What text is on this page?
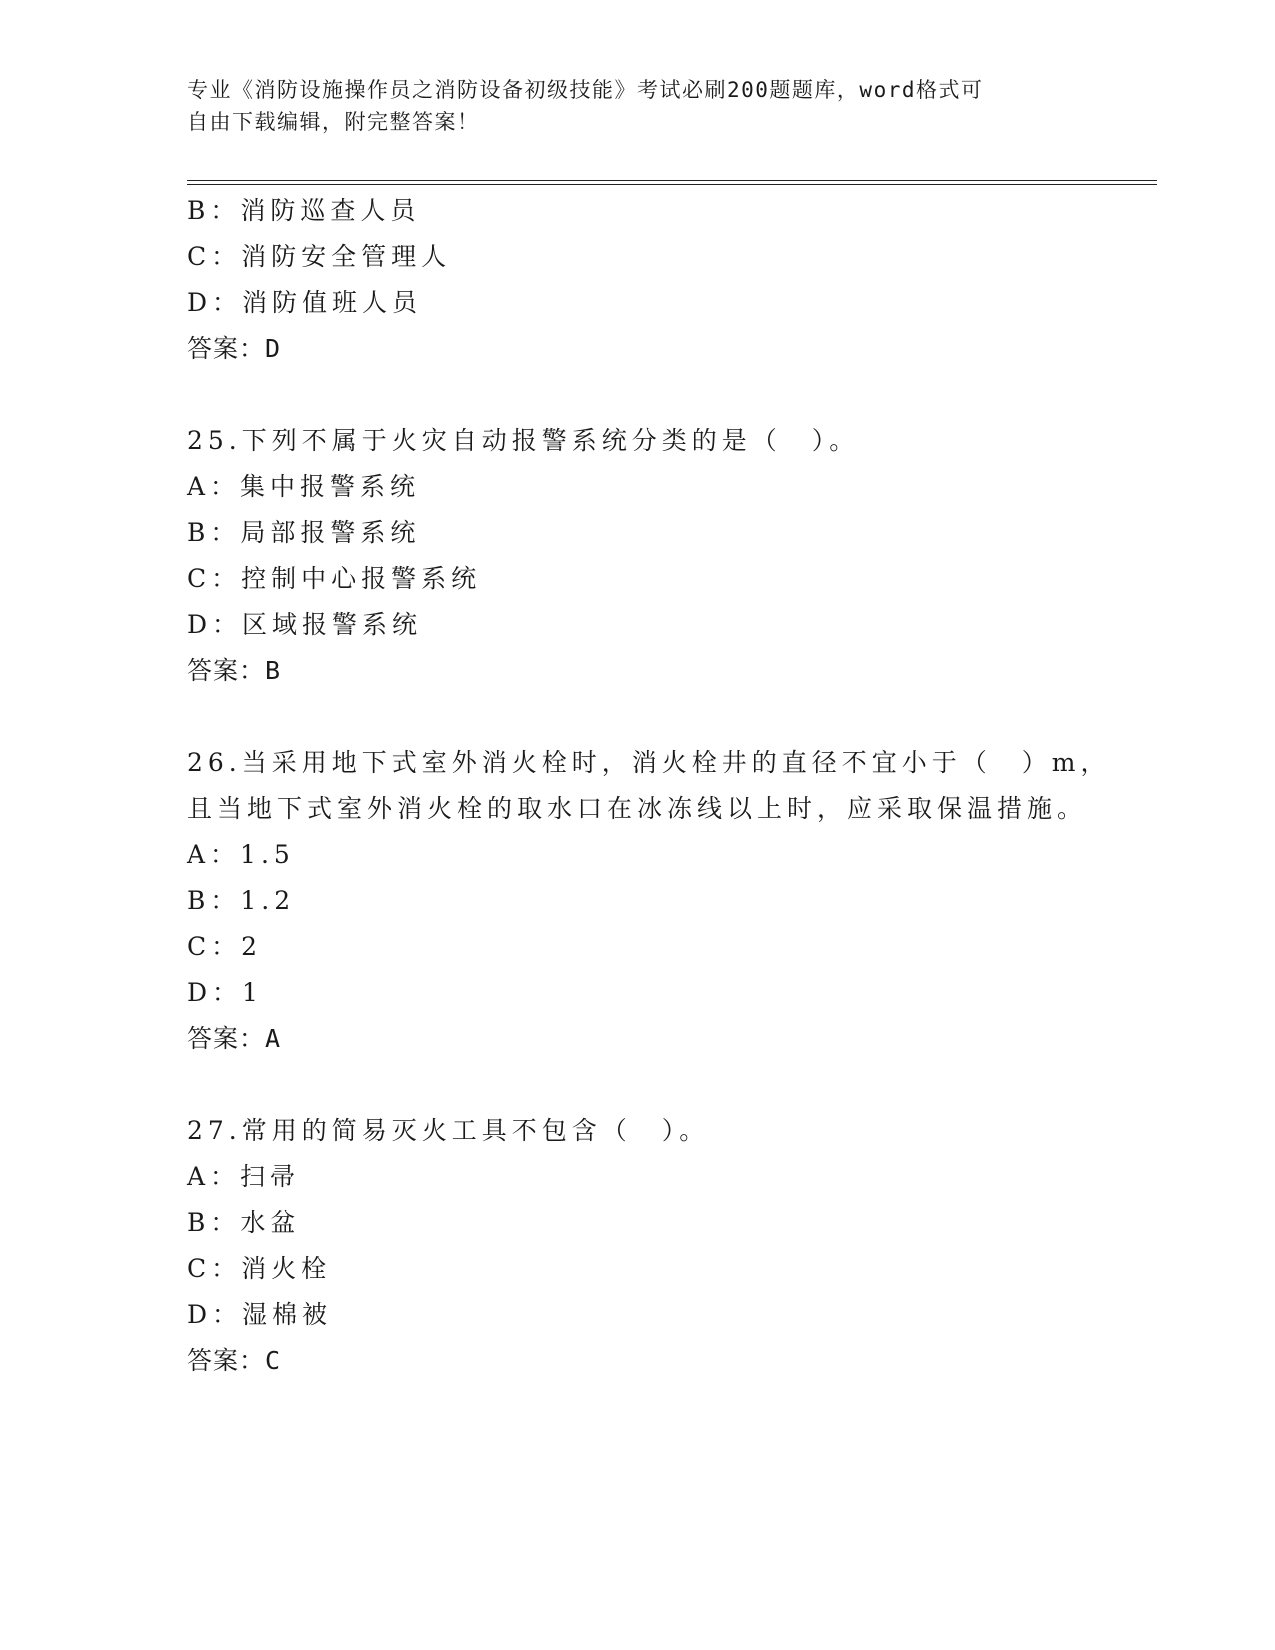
专业《消防设施操作员之消防设备初级技能》考试必刷200题题库，word格式可
自由下载编辑，附完整答案！
B：消防巡查人员
C：消防安全管理人
D：消防值班人员
答案：D
25.下列不属于火灾自动报警系统分类的是（　）。
A：集中报警系统
B：局部报警系统
C：控制中心报警系统
D：区域报警系统
答案：B
26.当采用地下式室外消火栓时，消火栓井的直径不宜小于（　）m，
且当地下式室外消火栓的取水口在冰冻线以上时，应采取保温措施。
A：1.5
B：1.2
C：2
D：1
答案：A
27.常用的简易灭火工具不包含（　）。
A：扫帚
B：水盆
C：消火栓
D：湿棉被
答案：C
